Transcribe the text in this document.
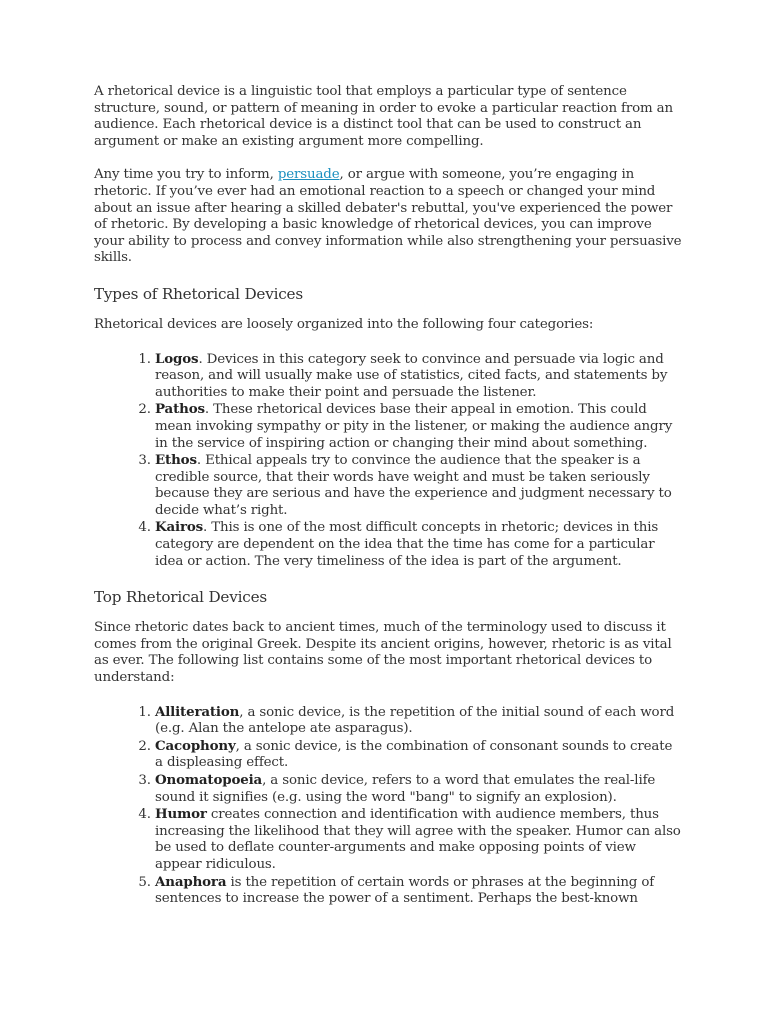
A rhetorical device is a linguistic tool that employs a particular type of sentence structure, sound, or pattern of meaning in order to evoke a particular reaction from an audience. Each rhetorical device is a distinct tool that can be used to construct an argument or make an existing argument more compelling.

Any time you try to inform, persuade, or argue with someone, you’re engaging in rhetoric. If you’ve ever had an emotional reaction to a speech or changed your mind about an issue after hearing a skilled debater's rebuttal, you've experienced the power of rhetoric. By developing a basic knowledge of rhetorical devices, you can improve your ability to process and convey information while also strengthening your persuasive skills.

Types of Rhetorical Devices

Rhetorical devices are loosely organized into the following four categories:

1. Logos. Devices in this category seek to convince and persuade via logic and reason, and will usually make use of statistics, cited facts, and statements by authorities to make their point and persuade the listener.
2. Pathos. These rhetorical devices base their appeal in emotion. This could mean invoking sympathy or pity in the listener, or making the audience angry in the service of inspiring action or changing their mind about something.
3. Ethos. Ethical appeals try to convince the audience that the speaker is a credible source, that their words have weight and must be taken seriously because they are serious and have the experience and judgment necessary to decide what’s right.
4. Kairos. This is one of the most difficult concepts in rhetoric; devices in this category are dependent on the idea that the time has come for a particular idea or action. The very timeliness of the idea is part of the argument.
Top Rhetorical Devices

Since rhetoric dates back to ancient times, much of the terminology used to discuss it comes from the original Greek. Despite its ancient origins, however, rhetoric is as vital as ever. The following list contains some of the most important rhetorical devices to understand:

1. Alliteration, a sonic device, is the repetition of the initial sound of each word (e.g. Alan the antelope ate asparagus).
2. Cacophony, a sonic device, is the combination of consonant sounds to create a displeasing effect.
3. Onomatopoeia, a sonic device, refers to a word that emulates the real-life sound it signifies (e.g. using the word "bang" to signify an explosion).
4. Humor creates connection and identification with audience members, thus increasing the likelihood that they will agree with the speaker. Humor can also be used to deflate counter-arguments and make opposing points of view appear ridiculous.
5. Anaphora is the repetition of certain words or phrases at the beginning of sentences to increase the power of a sentiment. Perhaps the best-known
